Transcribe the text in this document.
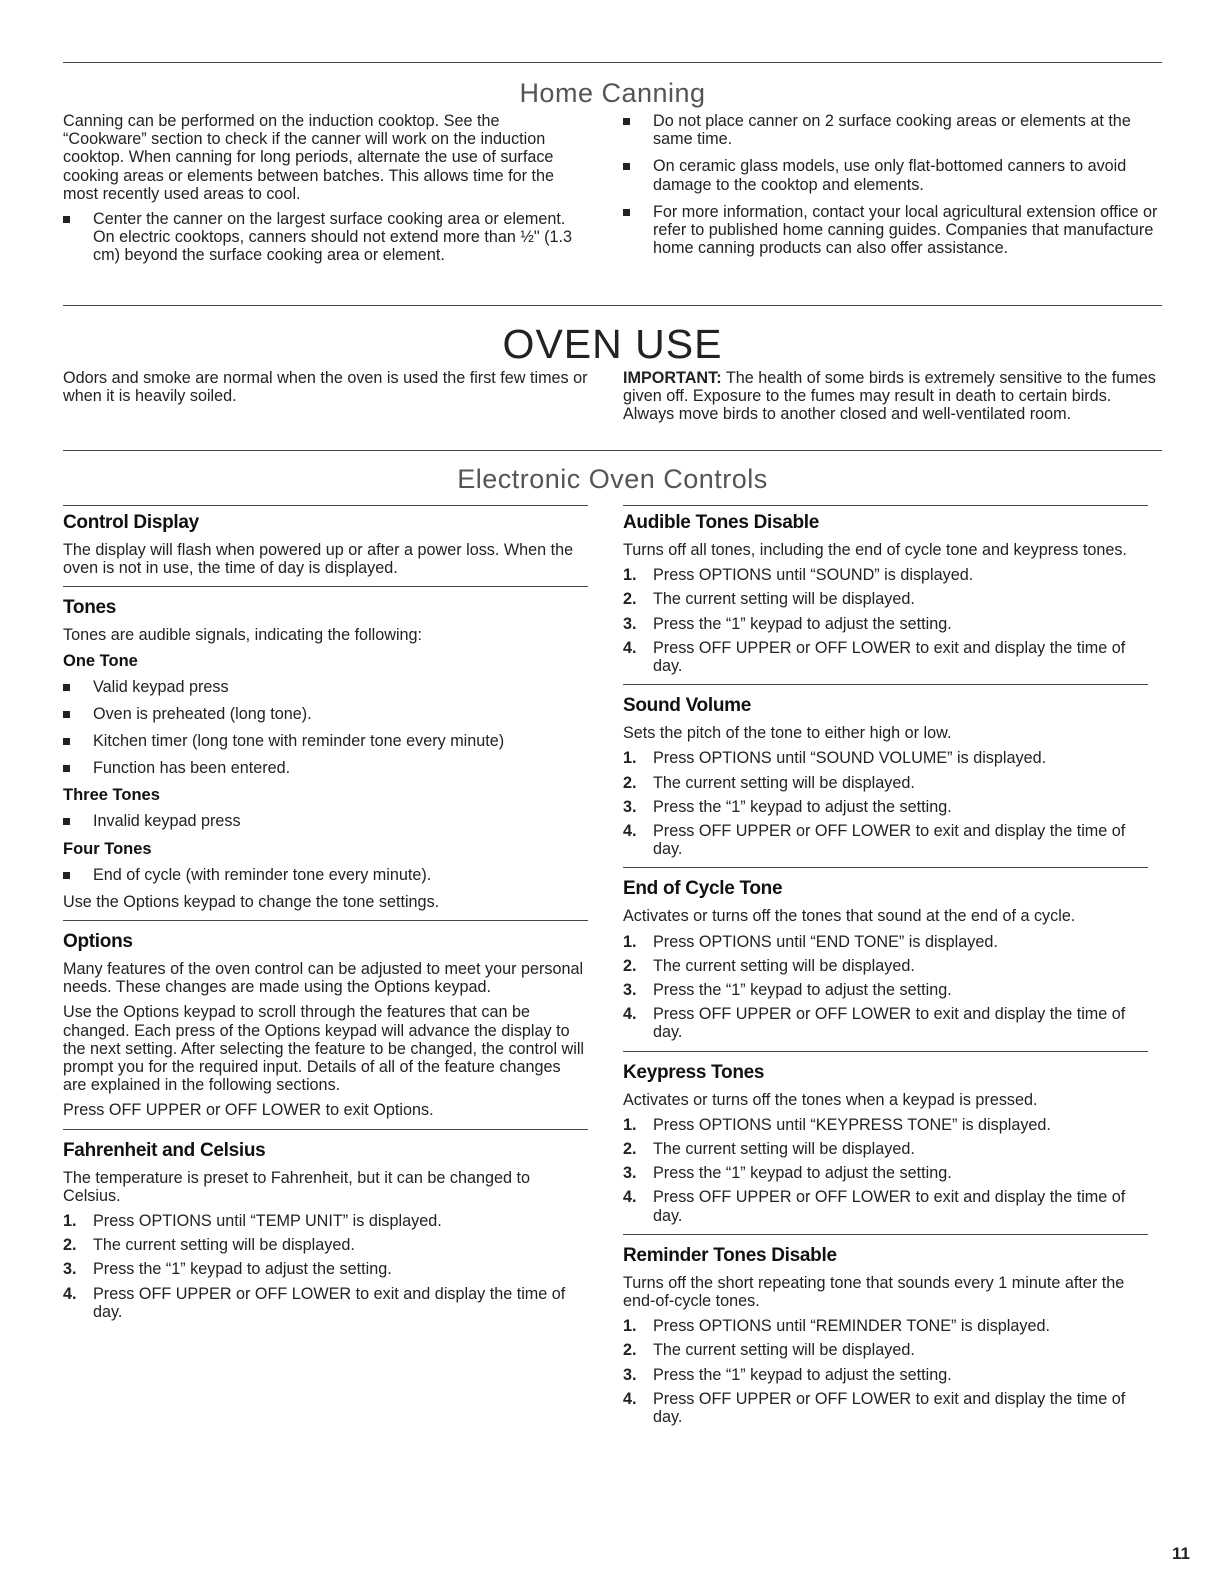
Home Canning

Canning can be performed on the induction cooktop. See the “Cookware” section to check if the canner will work on the induction cooktop. When canning for long periods, alternate the use of surface cooking areas or elements between batches. This allows time for the most recently used areas to cool.

Center the canner on the largest surface cooking area or element. On electric cooktops, canners should not extend more than ½" (1.3 cm) beyond the surface cooking area or element.
Do not place canner on 2 surface cooking areas or elements at the same time.
On ceramic glass models, use only flat-bottomed canners to avoid damage to the cooktop and elements.
For more information, contact your local agricultural extension office or refer to published home canning guides. Companies that manufacture home canning products can also offer assistance.
OVEN USE

Odors and smoke are normal when the oven is used the first few times or when it is heavily soiled.

IMPORTANT: The health of some birds is extremely sensitive to the fumes given off. Exposure to the fumes may result in death to certain birds. Always move birds to another closed and well-ventilated room.

Electronic Oven Controls
Control Display

The display will flash when powered up or after a power loss. When the oven is not in use, the time of day is displayed.

Tones

Tones are audible signals, indicating the following:

One Tone
Valid keypad press
Oven is preheated (long tone).
Kitchen timer (long tone with reminder tone every minute)
Function has been entered.
Three Tones
Invalid keypad press
Four Tones
End of cycle (with reminder tone every minute).

Use the Options keypad to change the tone settings.

Options

Many features of the oven control can be adjusted to meet your personal needs. These changes are made using the Options keypad.

Use the Options keypad to scroll through the features that can be changed. Each press of the Options keypad will advance the display to the next setting. After selecting the feature to be changed, the control will prompt you for the required input. Details of all of the feature changes are explained in the following sections.

Press OFF UPPER or OFF LOWER to exit Options.

Fahrenheit and Celsius

The temperature is preset to Fahrenheit, but it can be changed to Celsius.

1. Press OPTIONS until “TEMP UNIT” is displayed.
2. The current setting will be displayed.
3. Press the “1” keypad to adjust the setting.
4. Press OFF UPPER or OFF LOWER to exit and display the time of day.
Audible Tones Disable

Turns off all tones, including the end of cycle tone and keypress tones.

1. Press OPTIONS until “SOUND” is displayed.
2. The current setting will be displayed.
3. Press the “1” keypad to adjust the setting.
4. Press OFF UPPER or OFF LOWER to exit and display the time of day.
Sound Volume

Sets the pitch of the tone to either high or low.

1. Press OPTIONS until “SOUND VOLUME” is displayed.
2. The current setting will be displayed.
3. Press the “1” keypad to adjust the setting.
4. Press OFF UPPER or OFF LOWER to exit and display the time of day.
End of Cycle Tone

Activates or turns off the tones that sound at the end of a cycle.

1. Press OPTIONS until “END TONE” is displayed.
2. The current setting will be displayed.
3. Press the “1” keypad to adjust the setting.
4. Press OFF UPPER or OFF LOWER to exit and display the time of day.
Keypress Tones

Activates or turns off the tones when a keypad is pressed.

1. Press OPTIONS until “KEYPRESS TONE” is displayed.
2. The current setting will be displayed.
3. Press the “1” keypad to adjust the setting.
4. Press OFF UPPER or OFF LOWER to exit and display the time of day.
Reminder Tones Disable

Turns off the short repeating tone that sounds every 1 minute after the end-of-cycle tones.

1. Press OPTIONS until “REMINDER TONE” is displayed.
2. The current setting will be displayed.
3. Press the “1” keypad to adjust the setting.
4. Press OFF UPPER or OFF LOWER to exit and display the time of day.
11
